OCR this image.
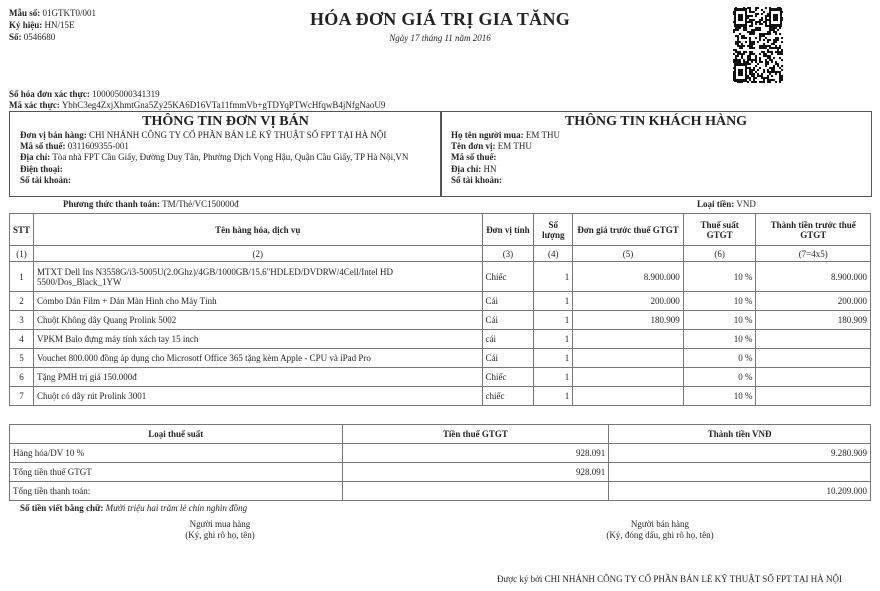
Mẫu số: 01GTKT0/001
Ký hiệu: HN/15E
Số: 0546680
HÓA ĐƠN GIÁ TRỊ GIA TĂNG
Ngày 17 tháng 11 năm 2016
Số hóa đơn xác thực: 100005000341319
Mã xác thực: YbhC3eg4ZxjXhmtGna5Zy25KA6D16VTa11fmmVb+gTDYqPTWcHfqwB4jNfgNaoU9
THÔNG TIN ĐƠN VỊ BÁN
Đơn vị bán hàng: CHI NHÁNH CÔNG TY CỔ PHẦN BÁN LẺ KỸ THUẬT SỐ FPT TẠI HÀ NỘI
Mã số thuế: 0311609355-001
Địa chỉ: Tòa nhà FPT Cầu Giấy, Đường Duy Tân, Phường Dịch Vọng Hậu, Quận Cầu Giấy, TP Hà Nội,VN
Điện thoại:
Số tài khoản:
THÔNG TIN KHÁCH HÀNG
Họ tên người mua: EM THU
Tên đơn vị: EM THU
Mã số thuế:
Địa chỉ: HN
Số tài khoản:
Phương thức thanh toán: TM/Thẻ/VC150000đ	Loại tiền: VND
STT	Tên hàng hóa, dịch vụ	Đơn vị tính	Số lượng	Đơn giá trước thuế GTGT	Thuế suất GTGT	Thành tiền trước thuế GTGT
(1)	(2)	(3)	(4)	(5)	(6)	(7=4x5)
1	MTXT Dell Ins N3558G/i3-5005U(2.0Ghz)/4GB/1000GB/15.6"HDLED/DVDRW/4Cell/Intel HD 5500/Dos_Black_1YW	Chiếc	1	8.900.000	10 %	8.900.000
2	Combo Dán Film + Dán Màn Hình cho Máy Tính	Cái	1	200.000	10 %	200.000
3	Chuột Không dây Quang Prolink 5002	Cái	1	180.909	10 %	180.909
4	VPKM Balo đựng máy tính xách tay 15 inch	cái	1		10 %	
5	Vouchet 800.000 đồng áp dụng cho Microsotf Office 365 tặng kèm Apple - CPU và iPad Pro	Cái	1		0 %	
6	Tặng PMH trị giá 150.000đ	Chiếc	1		0 %	
7	Chuột có dây rút Prolink 3001	chiếc	1		10 %	
Loại thuế suất	Tiền thuế GTGT	Thành tiền VNĐ
Hàng hóa/DV 10 %	928.091	9.280.909
Tổng tiền thuế GTGT	928.091	
Tổng tiền thanh toán:		10.209.000
Số tiền viết bằng chữ: Mười triệu hai trăm lẻ chín nghìn đồng
Người mua hàng
(Ký, ghi rõ họ, tên)
Người bán hàng
(Ký, đóng dấu, ghi rõ họ, tên)
Được ký bởi CHI NHÁNH CÔNG TY CỔ PHẦN BÁN LẺ KỸ THUẬT SỐ FPT TẠI HÀ NỘI
